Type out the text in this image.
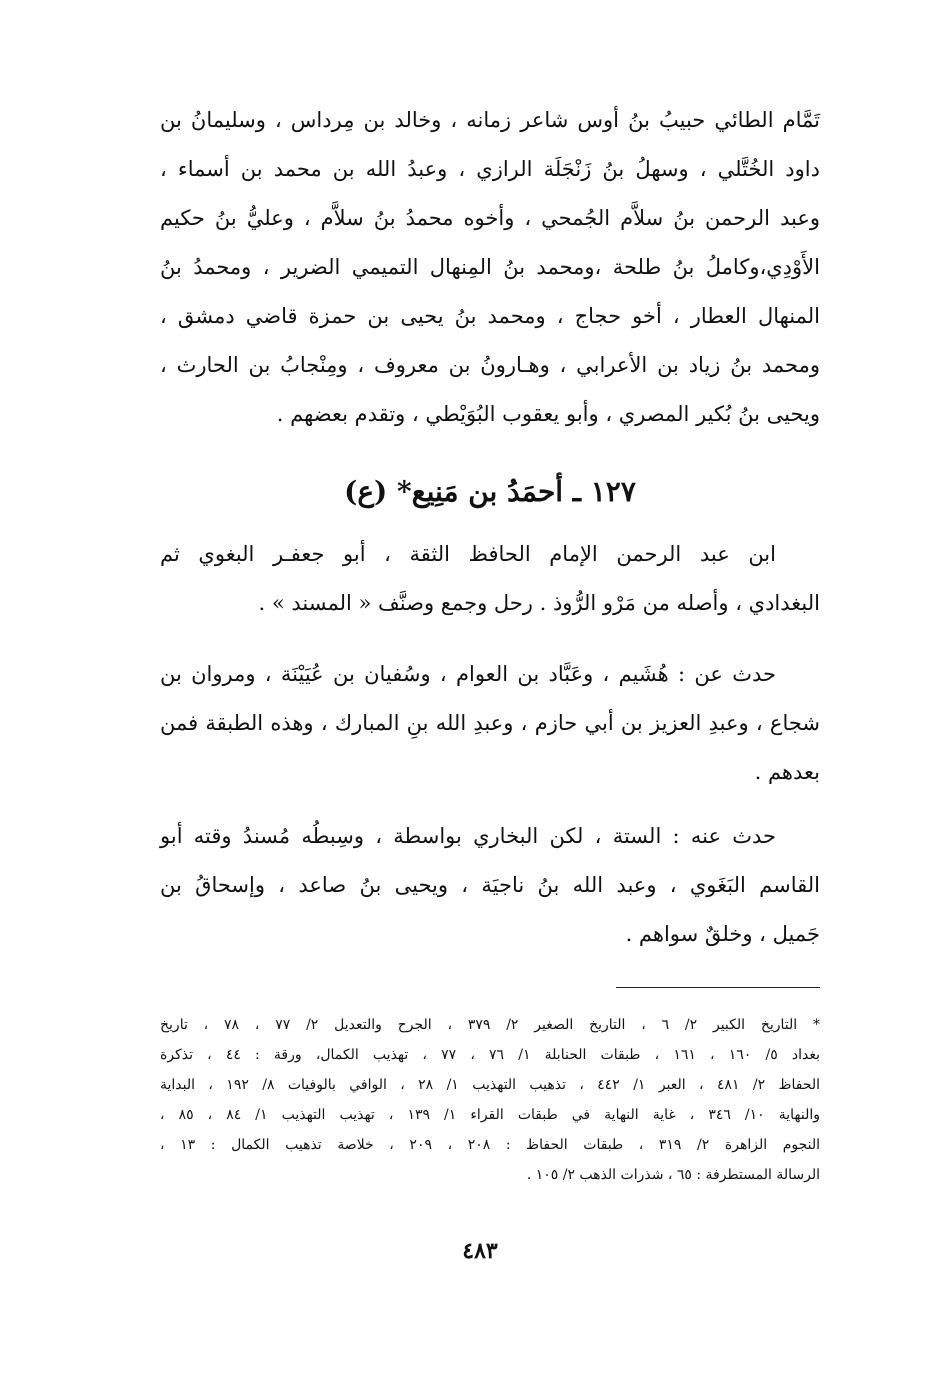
تَمَّام الطائي حبيبُ بنُ أوس شاعر زمانه ، وخالد بن مِرداس ، وسليمانُ بن
داود الخُتَّلي ، وسهلُ بنُ زَنْجَلَة الرازي ، وعبدُ الله بن محمد بن أسماء ،
وعبد الرحمن بنُ سلاَّم الجُمحي ، وأخوه محمدُ بنُ سلاَّم ، وعليُّ بنُ حكيم
الأَوْدِي،وكاملُ بنُ طلحة ،ومحمد بنُ المِنهال التميمي الضرير ، ومحمدُ بنُ
المنهال العطار ، أخو حجاج ، ومحمد بنُ يحيى بن حمزة قاضي دمشق ،
ومحمد بنُ زياد بن الأعرابي ، وهـارونُ بن معروف ، ومِنْجابُ بن الحارث ،
ويحيى بنُ بُكير المصري ، وأبو يعقوب البُوَيْطي ، وتقدم بعضهم .
١٢٧ ـ أحمَدُ بن مَنِيع* (ع)
ابن عبد الرحمن الإمام الحافظ الثقة ، أبو جعفـر البغوي ثم
البغدادي ، وأصله من مَرْو الرُّوذ . رحل وجمع وصنَّف « المسند » .
حدث عن : هُشَيم ، وعَبَّاد بن العوام ، وسُفيان بن عُيَيْنَة ، ومروان بن
شجاع ، وعبدِ العزيز بن أبي حازم ، وعبدِ الله بنِ المبارك ، وهذه الطبقة فمن
بعدهم .
حدث عنه : الستة ، لكن البخاري بواسطة ، وسِبطُه مُسندُ وقته أبو
القاسم البَغَوي ، وعبد الله بنُ ناجيَة ، ويحيى بنُ صاعد ، وإسحاقُ بن
جَميل ، وخلقٌ سواهم .
* التاريخ الكبير ٢/ ٦ ، التاريخ الصغير ٢/ ٣٧٩ ، الجرح والتعديل ٢/ ٧٧ ، ٧٨ ، تاريخ
بغداد ٥/ ١٦٠ ، ١٦١ ، طبقات الحنابلة ١/ ٧٦ ، ٧٧ ، تهذيب الكمال، ورقة : ٤٤ ، تذكرة
الحفاظ ٢/ ٤٨١ ، العبر ١/ ٤٤٢ ، تذهيب التهذيب ١/ ٢٨ ، الوافي بالوفيات ٨/ ١٩٢ ، البداية
والنهاية ١٠/ ٣٤٦ ، غاية النهاية في طبقات القراء ١/ ١٣٩ ، تهذيب التهذيب ١/ ٨٤ ، ٨٥ ،
النجوم الزاهرة ٢/ ٣١٩ ، طبقات الحفاظ : ٢٠٨ ، ٢٠٩ ، خلاصة تذهيب الكمال : ١٣ ،
الرسالة المستطرفة : ٦٥ ، شذرات الذهب ٢/ ١٠٥ .
٤٨٣
